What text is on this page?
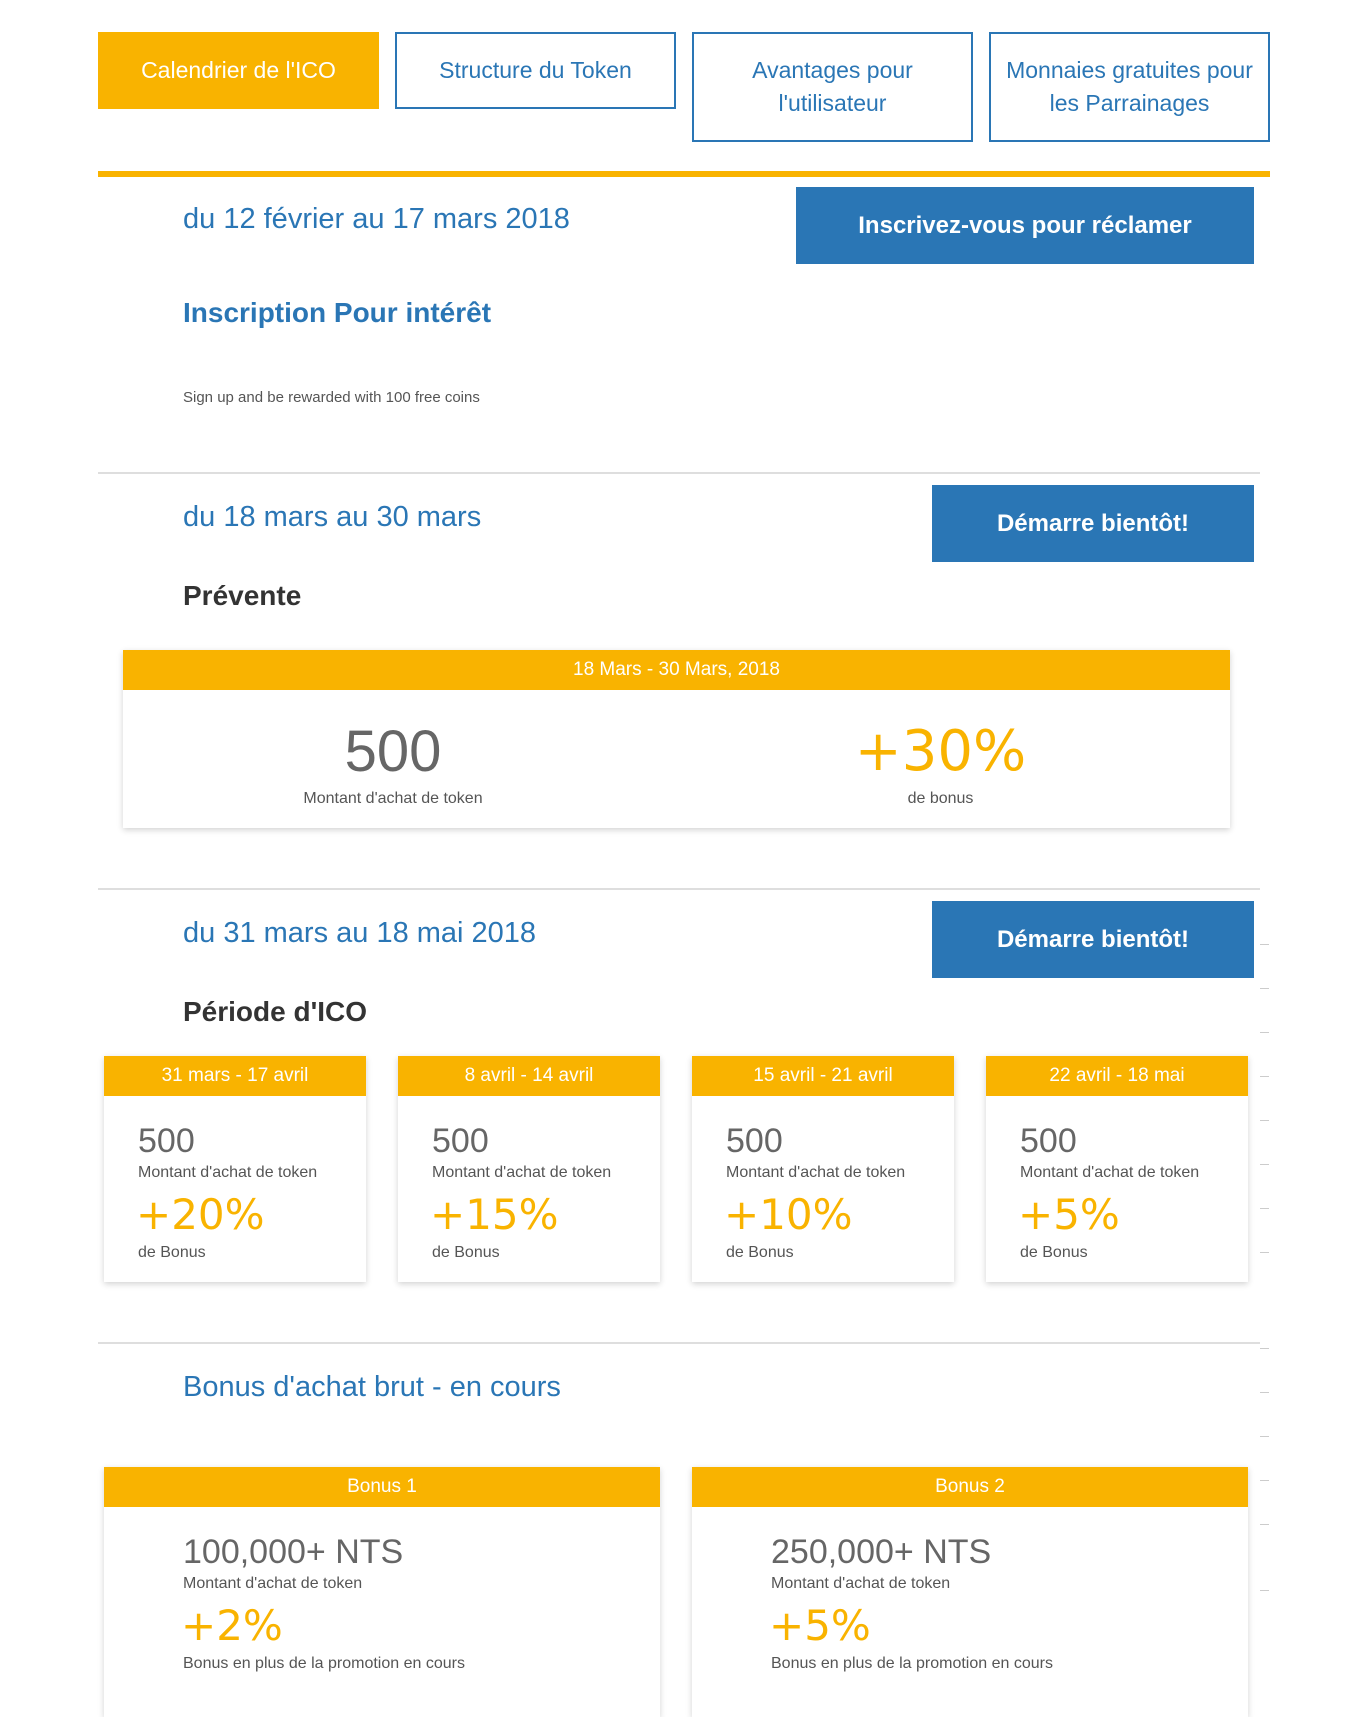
Calendrier de l'ICO	Structure du Token	Avantages pour l'utilisateur
Monnaies gratuites pour les Parrainages
du 12 février au 17 mars 2018	Inscrivez-vous pour réclamer
Inscription Pour intérêt
Sign up and be rewarded with 100 free coins
du 18 mars au 30 mars	Démarre bientôt!
Prévente
18 Mars - 30 Mars, 2018
500
Montant d'achat de token
+30%
de bonus
du 31 mars au 18 mai 2018	Démarre bientôt!
Période d'ICO
31 mars - 17 avril
500
Montant d'achat de token
+20%
de Bonus
8 avril - 14 avril
500
Montant d'achat de token
+15%
de Bonus
15 avril - 21 avril
500
Montant d'achat de token
+10%
de Bonus
22 avril - 18 mai
500
Montant d'achat de token
+5%
de Bonus
Bonus d'achat brut - en cours
Bonus 1
100,000+ NTS
Montant d'achat de token
+2%
Bonus en plus de la promotion en cours
Bonus 2
250,000+ NTS
Montant d'achat de token
+5%
Bonus en plus de la promotion en cours
